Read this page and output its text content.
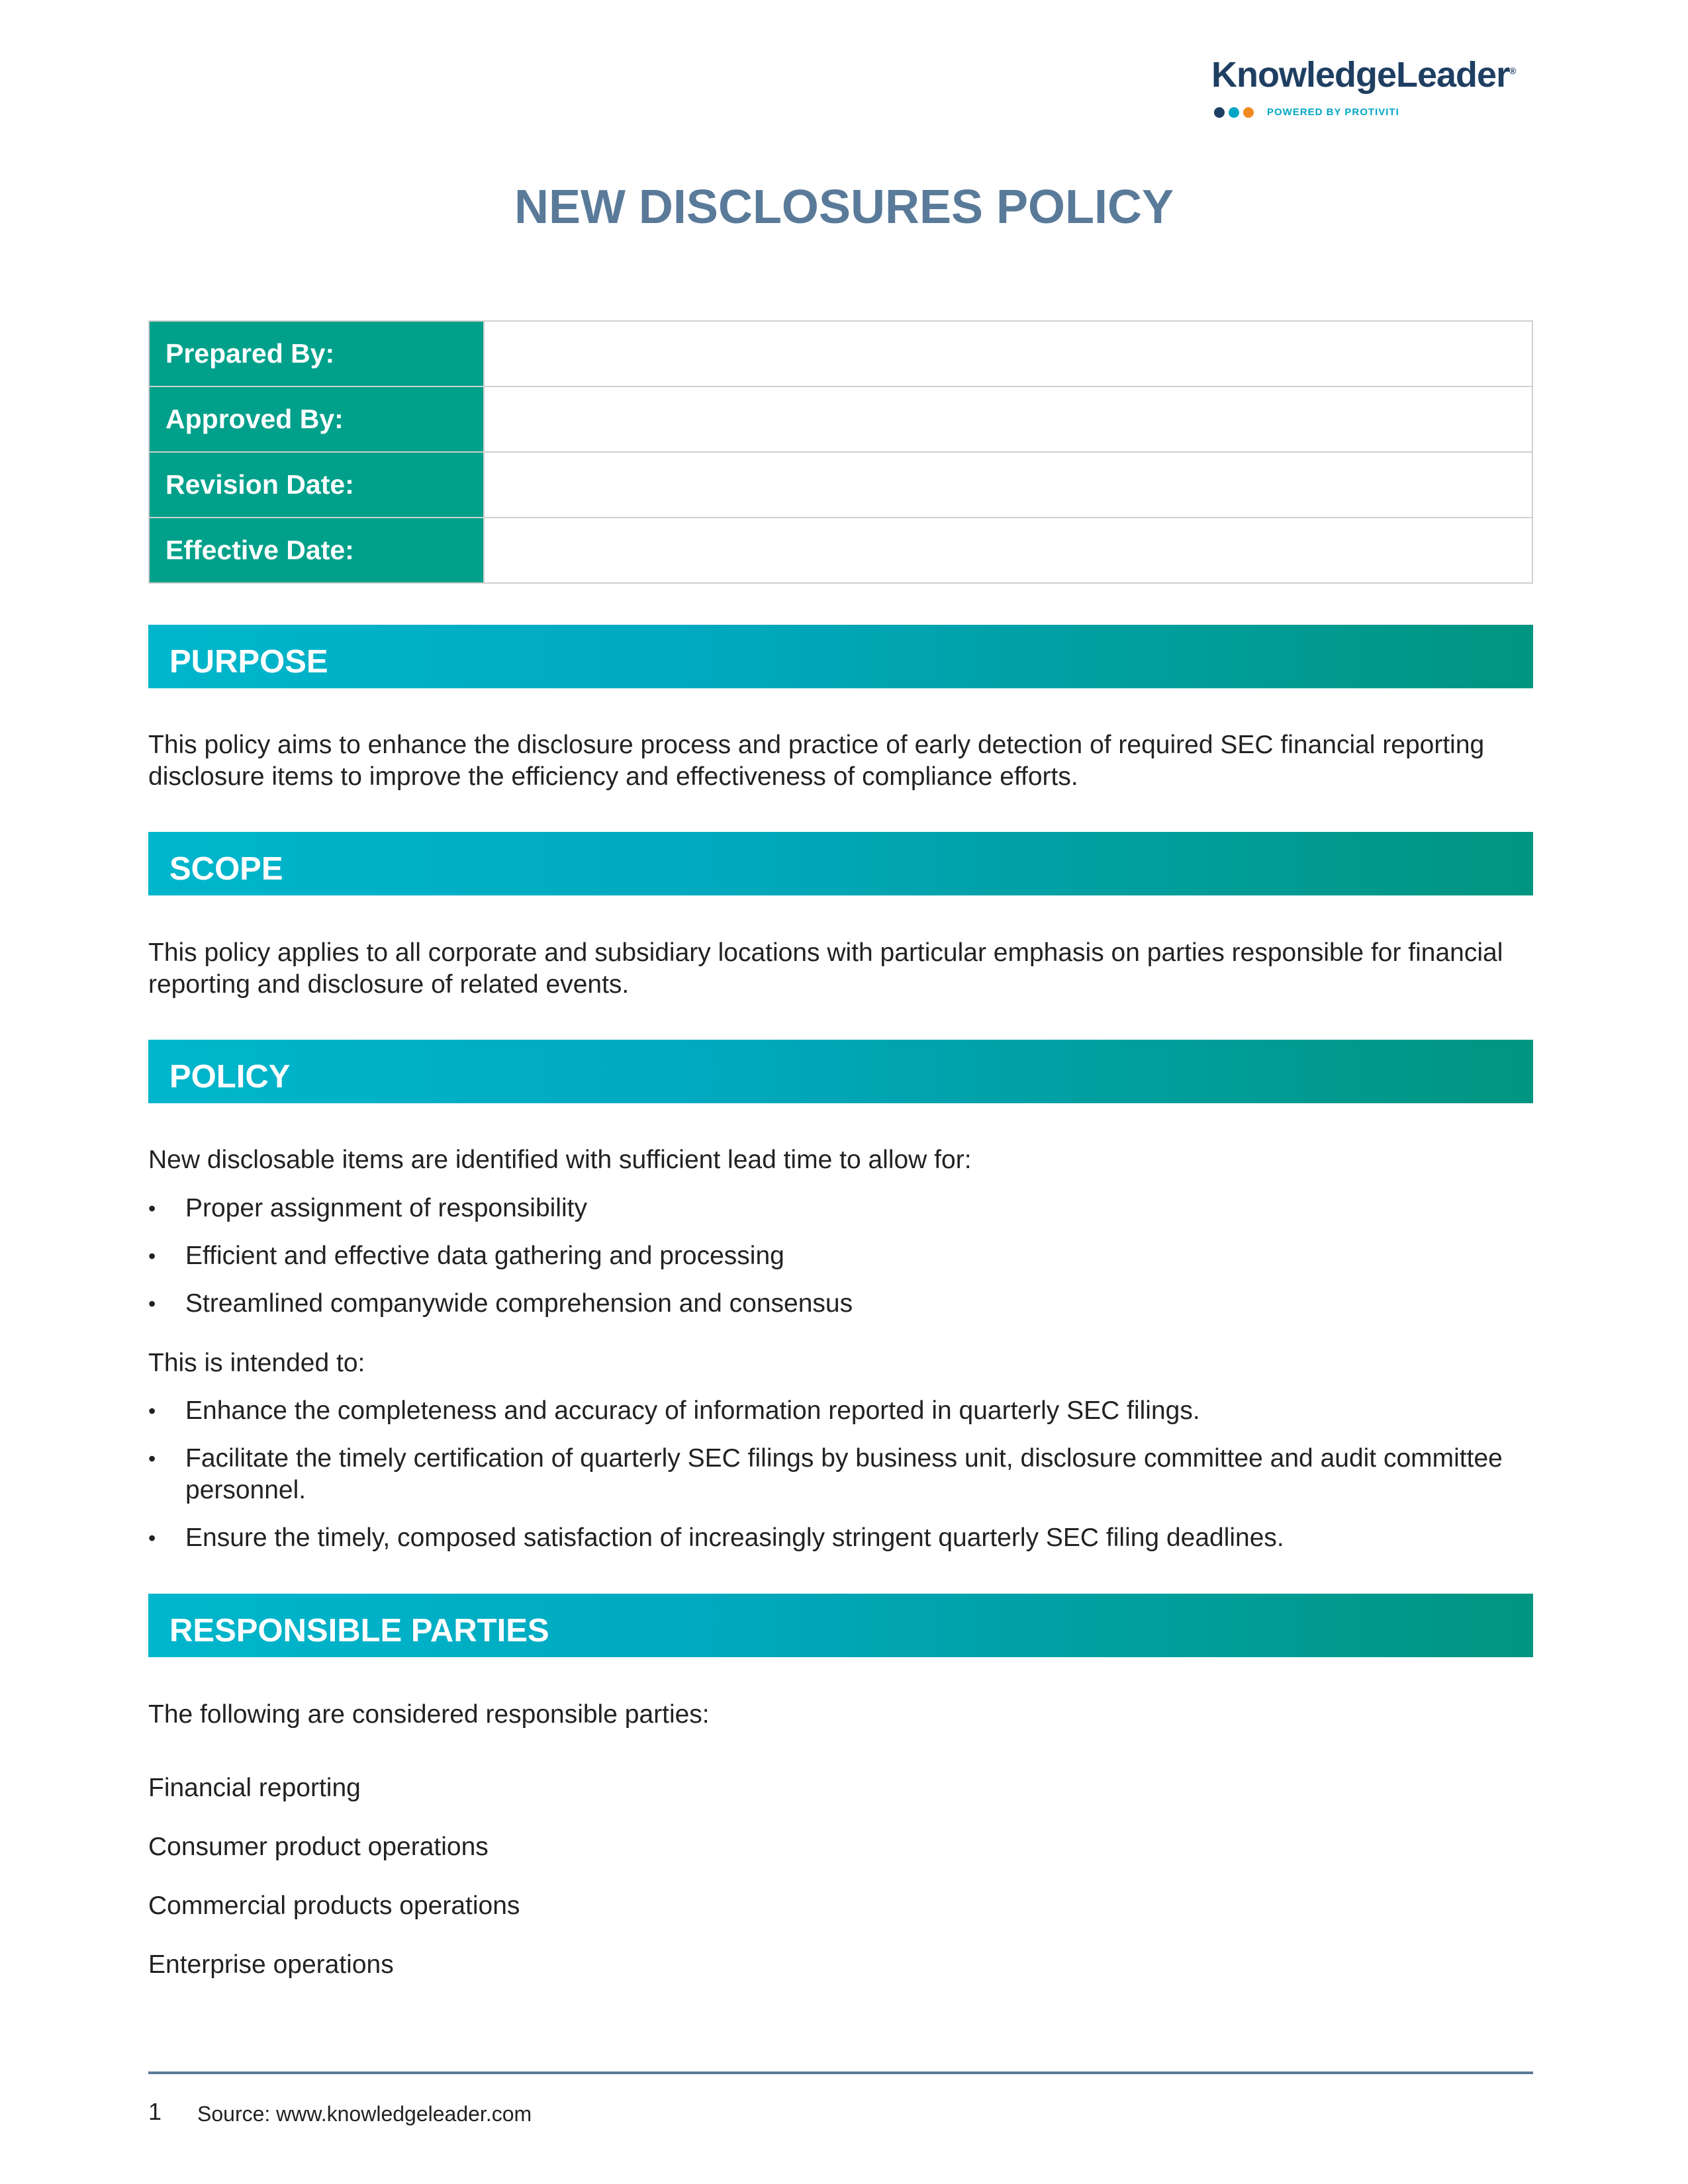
KnowledgeLeader®
POWERED BY PROTIVITI
NEW DISCLOSURES POLICY
Prepared By:	
Approved By:	
Revision Date:	
Effective Date:	
PURPOSE
This policy aims to enhance the disclosure process and practice of early detection of required SEC financial reporting disclosure items to improve the efficiency and effectiveness of compliance efforts.
SCOPE
This policy applies to all corporate and subsidiary locations with particular emphasis on parties responsible for financial reporting and disclosure of related events.
POLICY
New disclosable items are identified with sufficient lead time to allow for:
• Proper assignment of responsibility
• Efficient and effective data gathering and processing
• Streamlined companywide comprehension and consensus
This is intended to:
• Enhance the completeness and accuracy of information reported in quarterly SEC filings.
• Facilitate the timely certification of quarterly SEC filings by business unit, disclosure committee and audit committee personnel.
• Ensure the timely, composed satisfaction of increasingly stringent quarterly SEC filing deadlines.
RESPONSIBLE PARTIES
The following are considered responsible parties:
Financial reporting
Consumer product operations
Commercial products operations
Enterprise operations
1 Source: www.knowledgeleader.com
